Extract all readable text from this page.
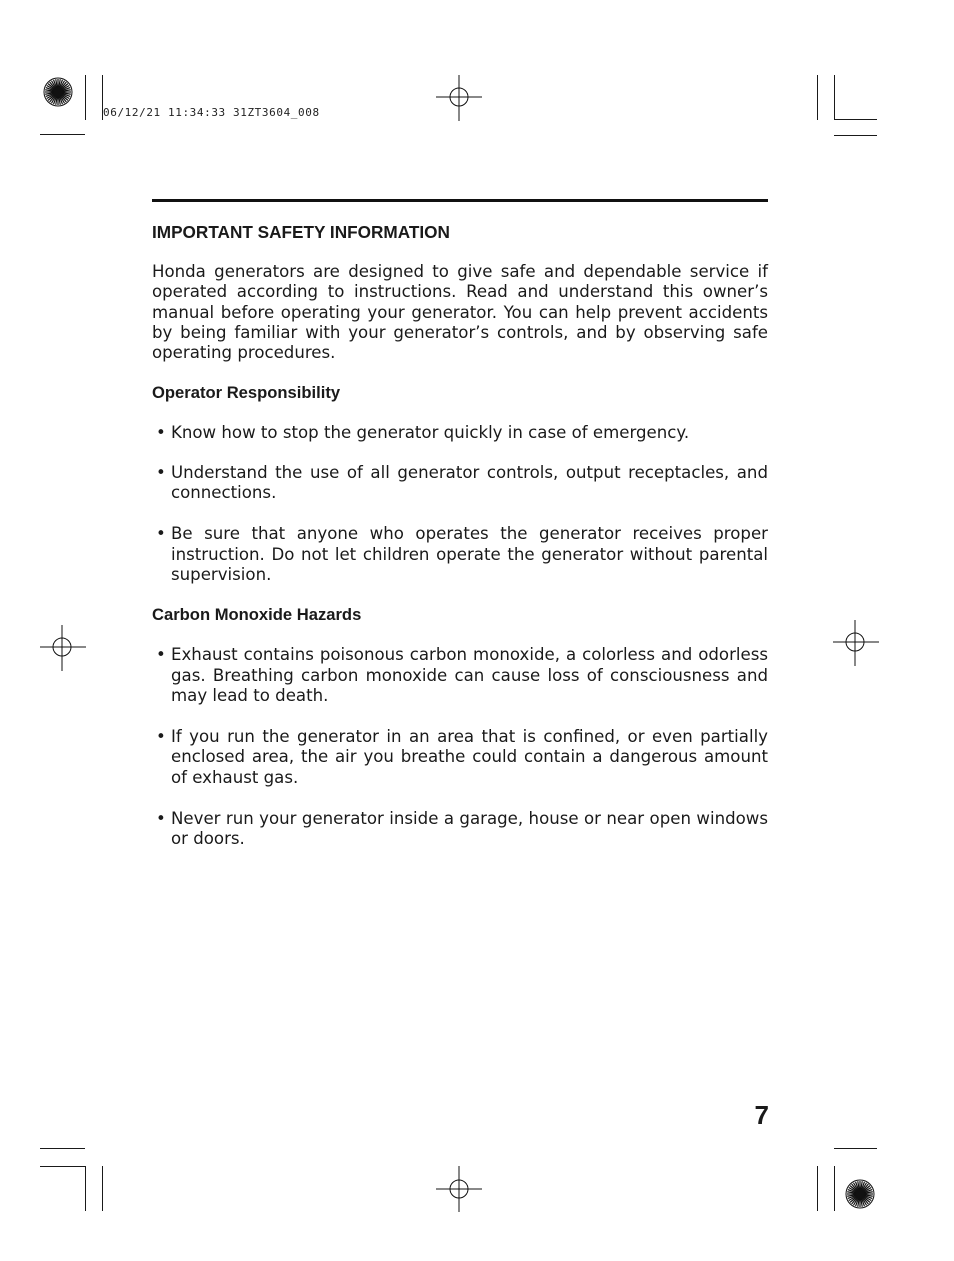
06/12/21 11:34:33 31ZT3604_008
IMPORTANT SAFETY INFORMATION

Honda generators are designed to give safe and dependable service if operated according to instructions. Read and understand this owner’s manual before operating your generator. You can help prevent accidents by being familiar with your generator’s controls, and by observing safe operating procedures.

Operator Responsibility
• Know how to stop the generator quickly in case of emergency.
• Understand the use of all generator controls, output receptacles, and connections.
• Be sure that anyone who operates the generator receives proper instruction. Do not let children operate the generator without parental supervision.
Carbon Monoxide Hazards
• Exhaust contains poisonous carbon monoxide, a colorless and odorless gas. Breathing carbon monoxide can cause loss of consciousness and may lead to death.
• If you run the generator in an area that is confined, or even partially enclosed area, the air you breathe could contain a dangerous amount of exhaust gas.
• Never run your generator inside a garage, house or near open windows or doors.
7
